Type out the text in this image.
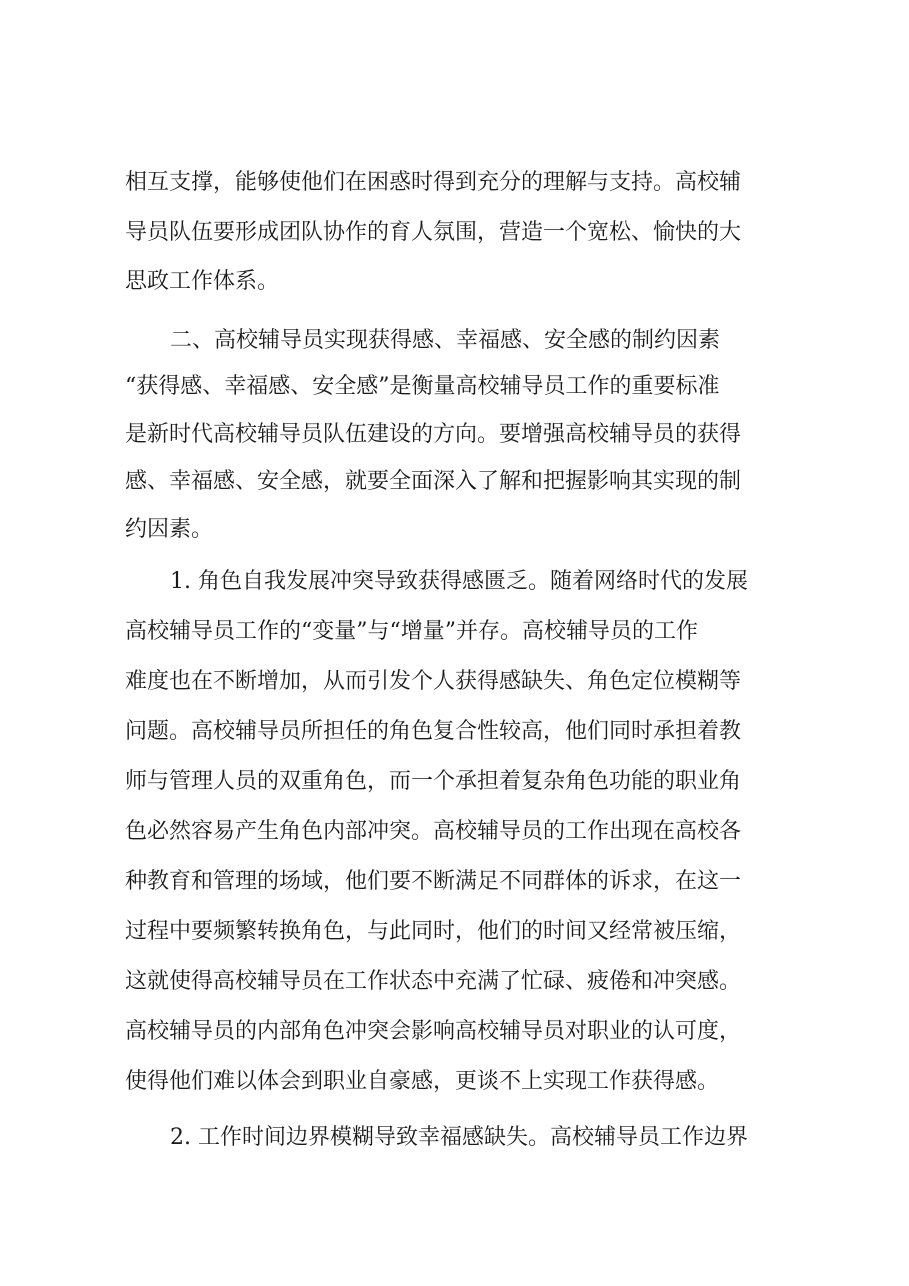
相互支撑，能够使他们在困惑时得到充分的理解与支持。高校辅
导员队伍要形成团队协作的育人氛围，营造一个宽松、愉快的大
思政工作体系。
二、高校辅导员实现获得感、幸福感、安全感的制约因素
“获得感、幸福感、安全感”是衡量高校辅导员工作的重要标准
是新时代高校辅导员队伍建设的方向。要增强高校辅导员的获得
感、幸福感、安全感，就要全面深入了解和把握影响其实现的制
约因素。
1. 角色自我发展冲突导致获得感匮乏。随着网络时代的发展
高校辅导员工作的“变量”与“增量”并存。高校辅导员的工作
难度也在不断增加，从而引发个人获得感缺失、角色定位模糊等
问题。高校辅导员所担任的角色复合性较高，他们同时承担着教
师与管理人员的双重角色，而一个承担着复杂角色功能的职业角
色必然容易产生角色内部冲突。高校辅导员的工作出现在高校各
种教育和管理的场域，他们要不断满足不同群体的诉求，在这一
过程中要频繁转换角色，与此同时，他们的时间又经常被压缩，
这就使得高校辅导员在工作状态中充满了忙碌、疲倦和冲突感。
高校辅导员的内部角色冲突会影响高校辅导员对职业的认可度，
使得他们难以体会到职业自豪感，更谈不上实现工作获得感。
2. 工作时间边界模糊导致幸福感缺失。高校辅导员工作边界
